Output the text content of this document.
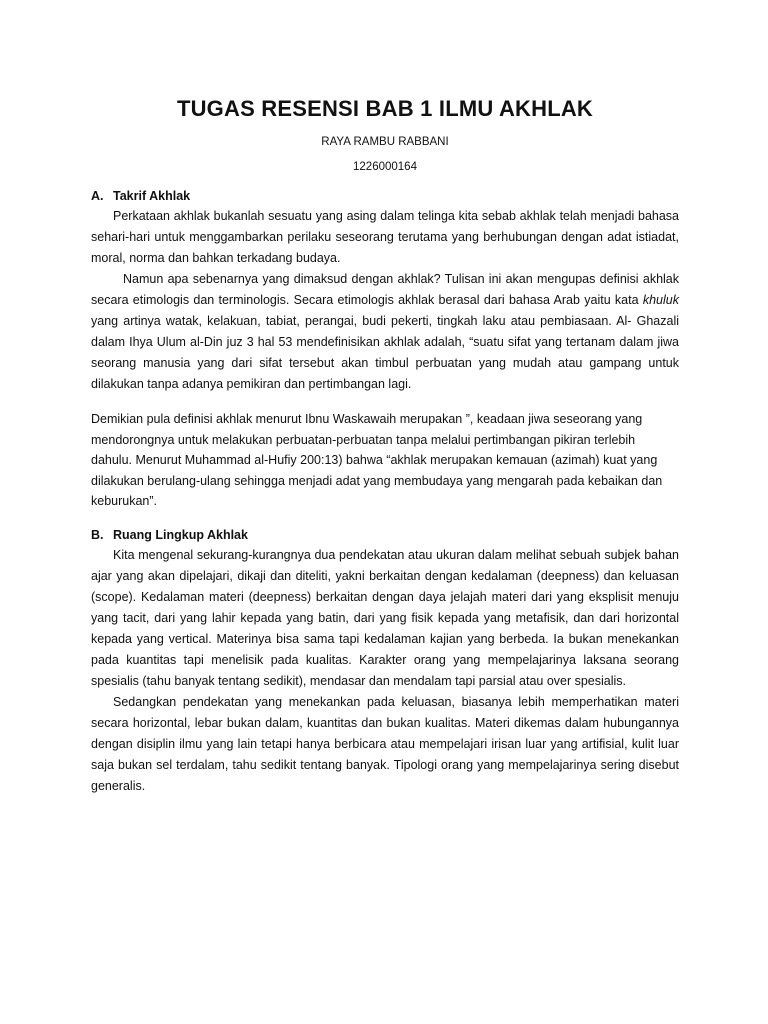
TUGAS RESENSI BAB 1 ILMU AKHLAK
RAYA RAMBU RABBANI
1226000164
A. Takrif Akhlak

Perkataan akhlak bukanlah sesuatu yang asing dalam telinga kita sebab akhlak telah menjadi bahasa sehari-hari untuk menggambarkan perilaku seseorang terutama yang berhubungan dengan adat istiadat, moral, norma dan bahkan terkadang budaya.

Namun apa sebenarnya yang dimaksud dengan akhlak? Tulisan ini akan mengupas definisi akhlak secara etimologis dan terminologis. Secara etimologis akhlak berasal dari bahasa Arab yaitu kata khuluk yang artinya watak, kelakuan, tabiat, perangai, budi pekerti, tingkah laku atau pembiasaan. Al- Ghazali dalam Ihya Ulum al-Din juz 3 hal 53 mendefinisikan akhlak adalah, “suatu sifat yang tertanam dalam jiwa seorang manusia yang dari sifat tersebut akan timbul perbuatan yang mudah atau gampang untuk dilakukan tanpa adanya pemikiran dan pertimbangan lagi.

Demikian pula definisi akhlak menurut Ibnu Waskawaih merupakan ”, keadaan jiwa seseorang yang mendorongnya untuk melakukan perbuatan-perbuatan tanpa melalui pertimbangan pikiran terlebih dahulu. Menurut Muhammad al-Hufiy 200:13) bahwa “akhlak merupakan kemauan (azimah) kuat yang dilakukan berulang-ulang sehingga menjadi adat yang membudaya yang mengarah pada kebaikan dan keburukan”.

B. Ruang Lingkup Akhlak

Kita mengenal sekurang-kurangnya dua pendekatan atau ukuran dalam melihat sebuah subjek bahan ajar yang akan dipelajari, dikaji dan diteliti, yakni berkaitan dengan kedalaman (deepness) dan keluasan (scope). Kedalaman materi (deepness) berkaitan dengan daya jelajah materi dari yang eksplisit menuju yang tacit, dari yang lahir kepada yang batin, dari yang fisik kepada yang metafisik, dan dari horizontal kepada yang vertical. Materinya bisa sama tapi kedalaman kajian yang berbeda. Ia bukan menekankan pada kuantitas tapi menelisik pada kualitas. Karakter orang yang mempelajarinya laksana seorang spesialis (tahu banyak tentang sedikit), mendasar dan mendalam tapi parsial atau over spesialis.

Sedangkan pendekatan yang menekankan pada keluasan, biasanya lebih memperhatikan materi secara horizontal, lebar bukan dalam, kuantitas dan bukan kualitas. Materi dikemas dalam hubungannya dengan disiplin ilmu yang lain tetapi hanya berbicara atau mempelajari irisan luar yang artifisial, kulit luar saja bukan sel terdalam, tahu sedikit tentang banyak. Tipologi orang yang mempelajarinya sering disebut generalis.
